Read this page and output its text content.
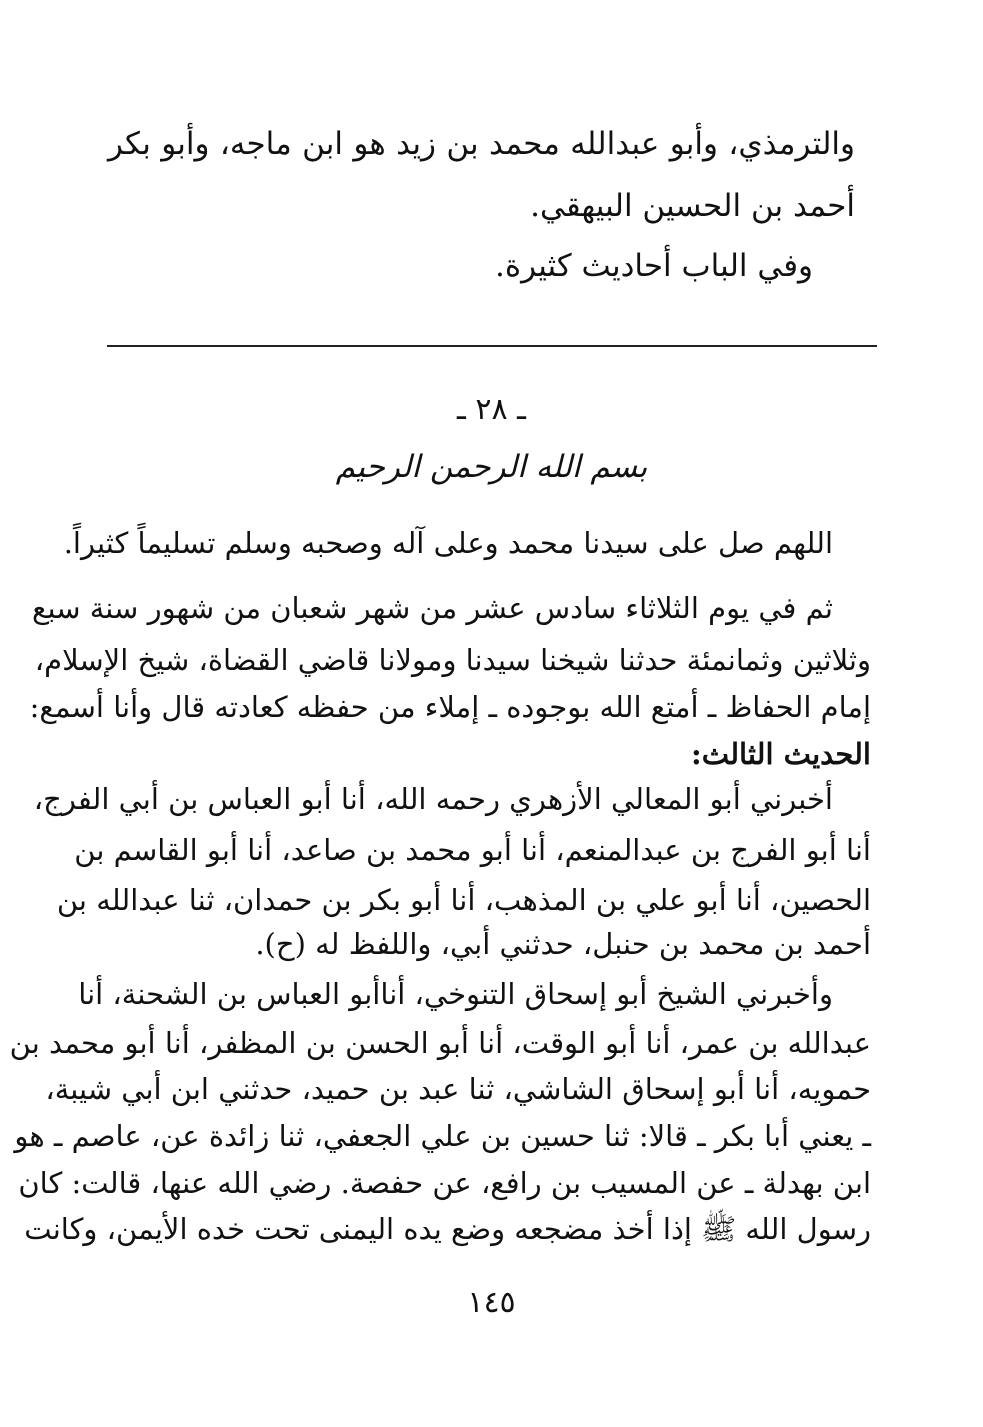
والترمذي، وأبو عبدالله محمد بن زيد هو ابن ماجه، وأبو بكر
أحمد بن الحسين البيهقي.
وفي الباب أحاديث كثيرة.
ـ ٢٨ ـ
بسم الله الرحمن الرحيم
اللهم صل على سيدنا محمد وعلى آله وصحبه وسلم تسليماً كثيراً.
ثم في يوم الثلاثاء سادس عشر من شهر شعبان من شهور سنة سبع
وثلاثين وثمانمئة حدثنا شيخنا سيدنا ومولانا قاضي القضاة، شيخ الإسلام،
إمام الحفاظ ـ أمتع الله بوجوده ـ إملاء من حفظه كعادته قال وأنا أسمع:
الحديث الثالث:
أخبرني أبو المعالي الأزهري رحمه الله، أنا أبو العباس بن أبي الفرج،
أنا أبو الفرج بن عبدالمنعم، أنا أبو محمد بن صاعد، أنا أبو القاسم بن
الحصين، أنا أبو علي بن المذهب، أنا أبو بكر بن حمدان، ثنا عبدالله بن
أحمد بن محمد بن حنبل، حدثني أبي، واللفظ له (ح).
وأخبرني الشيخ أبو إسحاق التنوخي، أناأبو العباس بن الشحنة، أنا
عبدالله بن عمر، أنا أبو الوقت، أنا أبو الحسن بن المظفر، أنا أبو محمد بن
حمويه، أنا أبو إسحاق الشاشي، ثنا عبد بن حميد، حدثني ابن أبي شيبة،
ـ يعني أبا بكر ـ قالا: ثنا حسين بن علي الجعفي، ثنا زائدة عن، عاصم ـ هو
ابن بهدلة ـ عن المسيب بن رافع، عن حفصة. رضي الله عنها، قالت: كان
رسول الله ﷺ إذا أخذ مضجعه وضع يده اليمنى تحت خده الأيمن، وكانت
١٤٥
